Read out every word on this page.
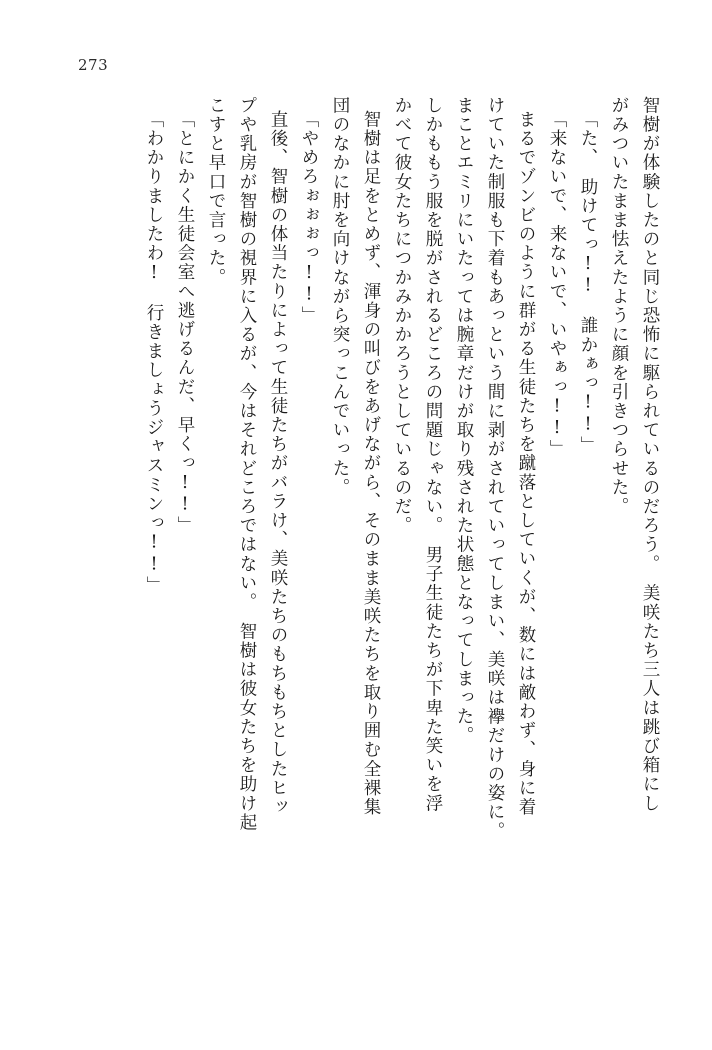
273
智樹が体験したのと同じ恐怖に駆られているのだろう。　美咲たち三人は跳び箱にし
がみついたまま怯えたように顔を引きつらせた。
「た、　助けてっ!!　誰かぁっ!!」
「来ないで、来ないで、いやぁっ!!」
まるでゾンビのように群がる生徒たちを蹴落としていくが、数には敵わず、身に着
けていた制服も下着もあっという間に剥がされていってしまい、美咲は襷だけの姿に。
まことエミリにいたっては腕章だけが取り残された状態となってしまった。
しかももう服を脱がされるどころの問題じゃない。　男子生徒たちが下卑た笑いを浮
かべて彼女たちにつかみかかろうとしているのだ。
智樹は足をとめず、渾身の叫びをあげながら、そのまま美咲たちを取り囲む全裸集
団のなかに肘を向けながら突っこんでいった。
「やめろぉぉぉっ!!」
直後、智樹の体当たりによって生徒たちがバラけ、美咲たちのもちもちとしたヒッ
プや乳房が智樹の視界に入るが、今はそれどころではない。　智樹は彼女たちを助け起
こすと早口で言った。
「とにかく生徒会室へ逃げるんだ、早くっ!!」
「わかりましたわ!　行きましょうジャスミンっ!!」
